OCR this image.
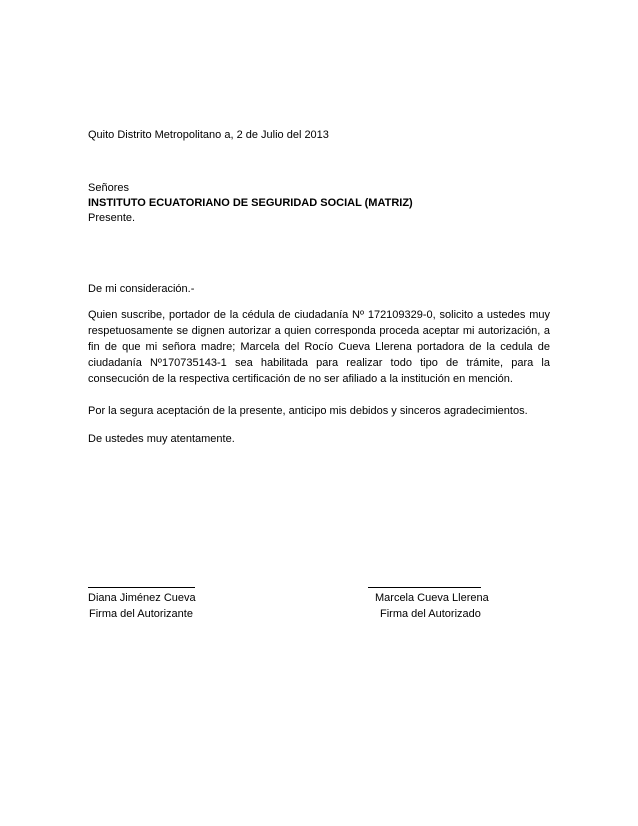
Quito Distrito Metropolitano a, 2 de Julio del 2013

Señores

INSTITUTO ECUATORIANO DE SEGURIDAD SOCIAL (MATRIZ)

Presente.

De mi consideración.-

Quien suscribe, portador de la cédula de ciudadanía Nº 172109329-0, solicito a ustedes muy respetuosamente se dignen autorizar a quien corresponda proceda aceptar mi autorización, a fin de que mi señora madre; Marcela del Rocío Cueva Llerena portadora de la cedula de ciudadanía Nº170735143-1 sea habilitada para realizar todo tipo de trámite, para la consecución de la respectiva certificación de no ser afiliado a la institución en mención.

Por la segura aceptación de la presente, anticipo mis debidos y sinceros agradecimientos.

De ustedes muy atentamente.

Diana Jiménez Cueva

Firma del Autorizante

Marcela Cueva Llerena

Firma del Autorizado
